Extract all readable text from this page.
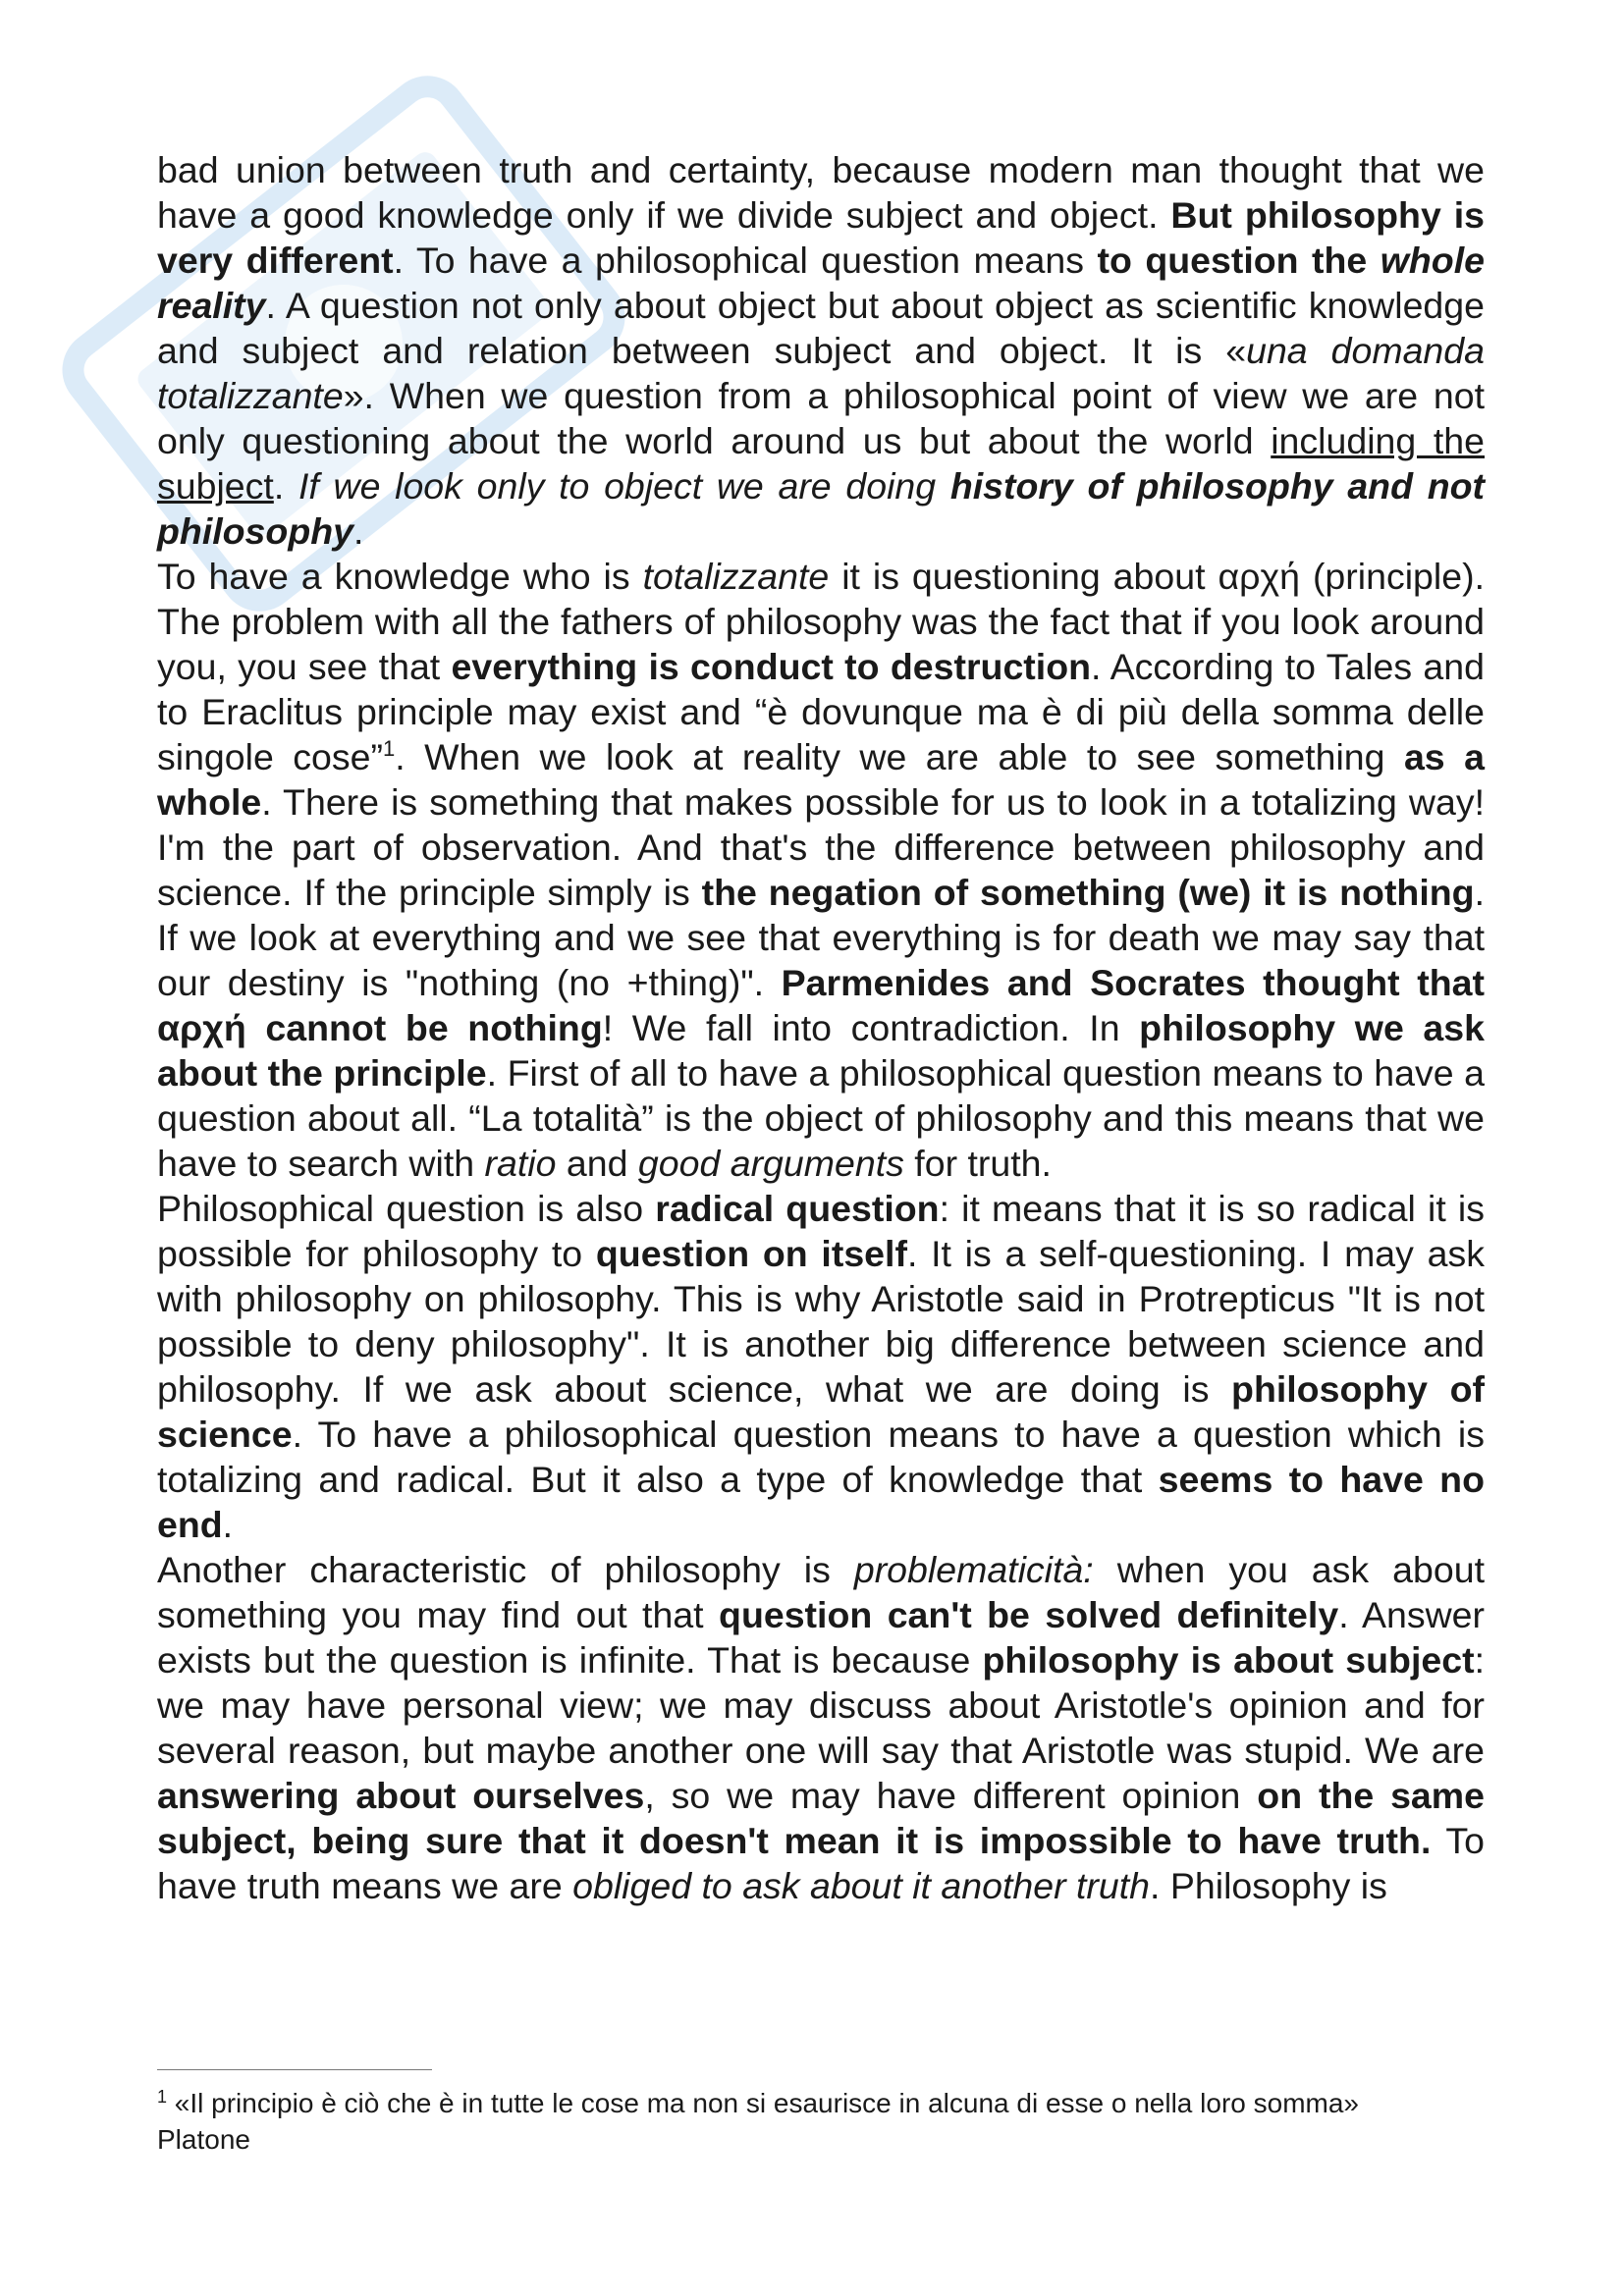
bad union between truth and certainty, because modern man thought that we have a good knowledge only if we divide subject and object. But philosophy is very different. To have a philosophical question means to question the whole reality. A question not only about object but about object as scientific knowledge and subject and relation between subject and object. It is «una domanda totalizzante». When we question from a philosophical point of view we are not only questioning about the world around us but about the world including the subject. If we look only to object we are doing history of philosophy and not philosophy.

To have a knowledge who is totalizzante it is questioning about αρχή (principle). The problem with all the fathers of philosophy was the fact that if you look around you, you see that everything is conduct to destruction. According to Tales and to Eraclitus principle may exist and “è dovunque ma è di più della somma delle singole cose”$^1$. When we look at reality we are able to see something as a whole. There is something that makes possible for us to look in a totalizing way! I'm the part of observation. And that's the difference between philosophy and science. If the principle simply is the negation of something (we) it is nothing. If we look at everything and we see that everything is for death we may say that our destiny is "nothing (no +thing)". Parmenides and Socrates thought that αρχή cannot be nothing! We fall into contradiction. In philosophy we ask about the principle. First of all to have a philosophical question means to have a question about all. “La totalità” is the object of philosophy and this means that we have to search with ratio and good arguments for truth.

Philosophical question is also radical question: it means that it is so radical it is possible for philosophy to question on itself. It is a self-questioning. I may ask with philosophy on philosophy. This is why Aristotle said in Protrepticus "It is not possible to deny philosophy". It is another big difference between science and philosophy. If we ask about science, what we are doing is philosophy of science. To have a philosophical question means to have a question which is totalizing and radical. But it also a type of knowledge that seems to have no end.

Another characteristic of philosophy is problematicità: when you ask about something you may find out that question can't be solved definitely. Answer exists but the question is infinite. That is because philosophy is about subject: we may have personal view; we may discuss about Aristotle's opinion and for several reason, but maybe another one will say that Aristotle was stupid. We are answering about ourselves, so we may have different opinion on the same subject, being sure that it doesn't mean it is impossible to have truth. To have truth means we are obliged to ask about it another truth. Philosophy is

$^1$ «Il principio è ciò che è in tutte le cose ma non si esaurisce in alcuna di esse o nella loro somma»
Platone
